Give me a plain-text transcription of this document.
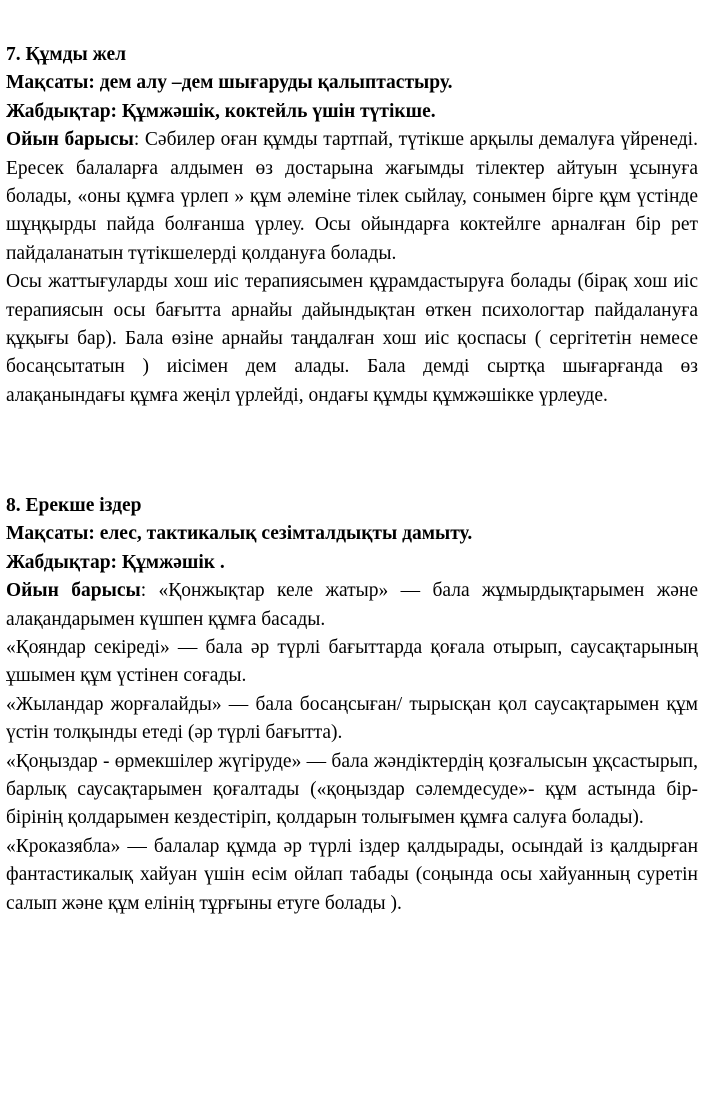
7. Құмды жел

Мақсаты: дем алу –дем шығаруды қалыптастыру.

Жабдықтар: Құмжәшік, коктейль үшін түтікше.

Ойын барысы: Сәбилер оған құмды тартпай, түтікше арқылы демалуға үйренеді. Ересек балаларға алдымен өз достарына жағымды тілектер айтуын ұсынуға болады, «оны құмға үрлеп » құм әлеміне тілек сыйлау, сонымен бірге құм үстінде шұңқырды пайда болғанша үрлеу. Осы ойындарға коктейлге арналған бір рет пайдаланатын түтікшелерді қолдануға болады.

Осы жаттығуларды хош иіс терапиясымен құрамдастыруға болады (бірақ хош иіс терапиясын осы бағытта арнайы дайындықтан өткен психологтар пайдалануға құқығы бар). Бала өзіне арнайы таңдалған хош иіс қоспасы ( сергітетін немесе босаңсытатын ) иісімен дем алады. Бала демді сыртқа шығарғанда өз алақанындағы құмға жеңіл үрлейді, ондағы құмды құмжәшікке үрлеуде.

8. Ерекше іздер

Мақсаты: елес, тактикалық сезімталдықты дамыту.

Жабдықтар: Құмжәшік .

Ойын барысы: «Қонжықтар келе жатыр» — бала жұмырдықтарымен және алақандарымен күшпен құмға басады.

«Қояндар секіреді» — бала әр түрлі бағыттарда қоғала отырып, саусақтарының ұшымен құм үстінен соғады.

«Жыландар жорғалайды» — бала босаңсыған/ тырысқан қол саусақтарымен құм үстін толқынды етеді (әр түрлі бағытта).

«Қоңыздар - өрмекшілер жүгіруде» — бала жәндіктердің қозғалысын ұқсастырып, барлық саусақтарымен қоғалтады («қоңыздар сәлемдесуде»- құм астында бір-бірінің қолдарымен кездестіріп, қолдарын толығымен құмға салуға болады).

«Кроказябла» — балалар құмда әр түрлі іздер қалдырады, осындай із қалдырған фантастикалық хайуан үшін есім ойлап табады (соңында осы хайуанның суретін салып және құм елінің тұрғыны етуге болады ).
